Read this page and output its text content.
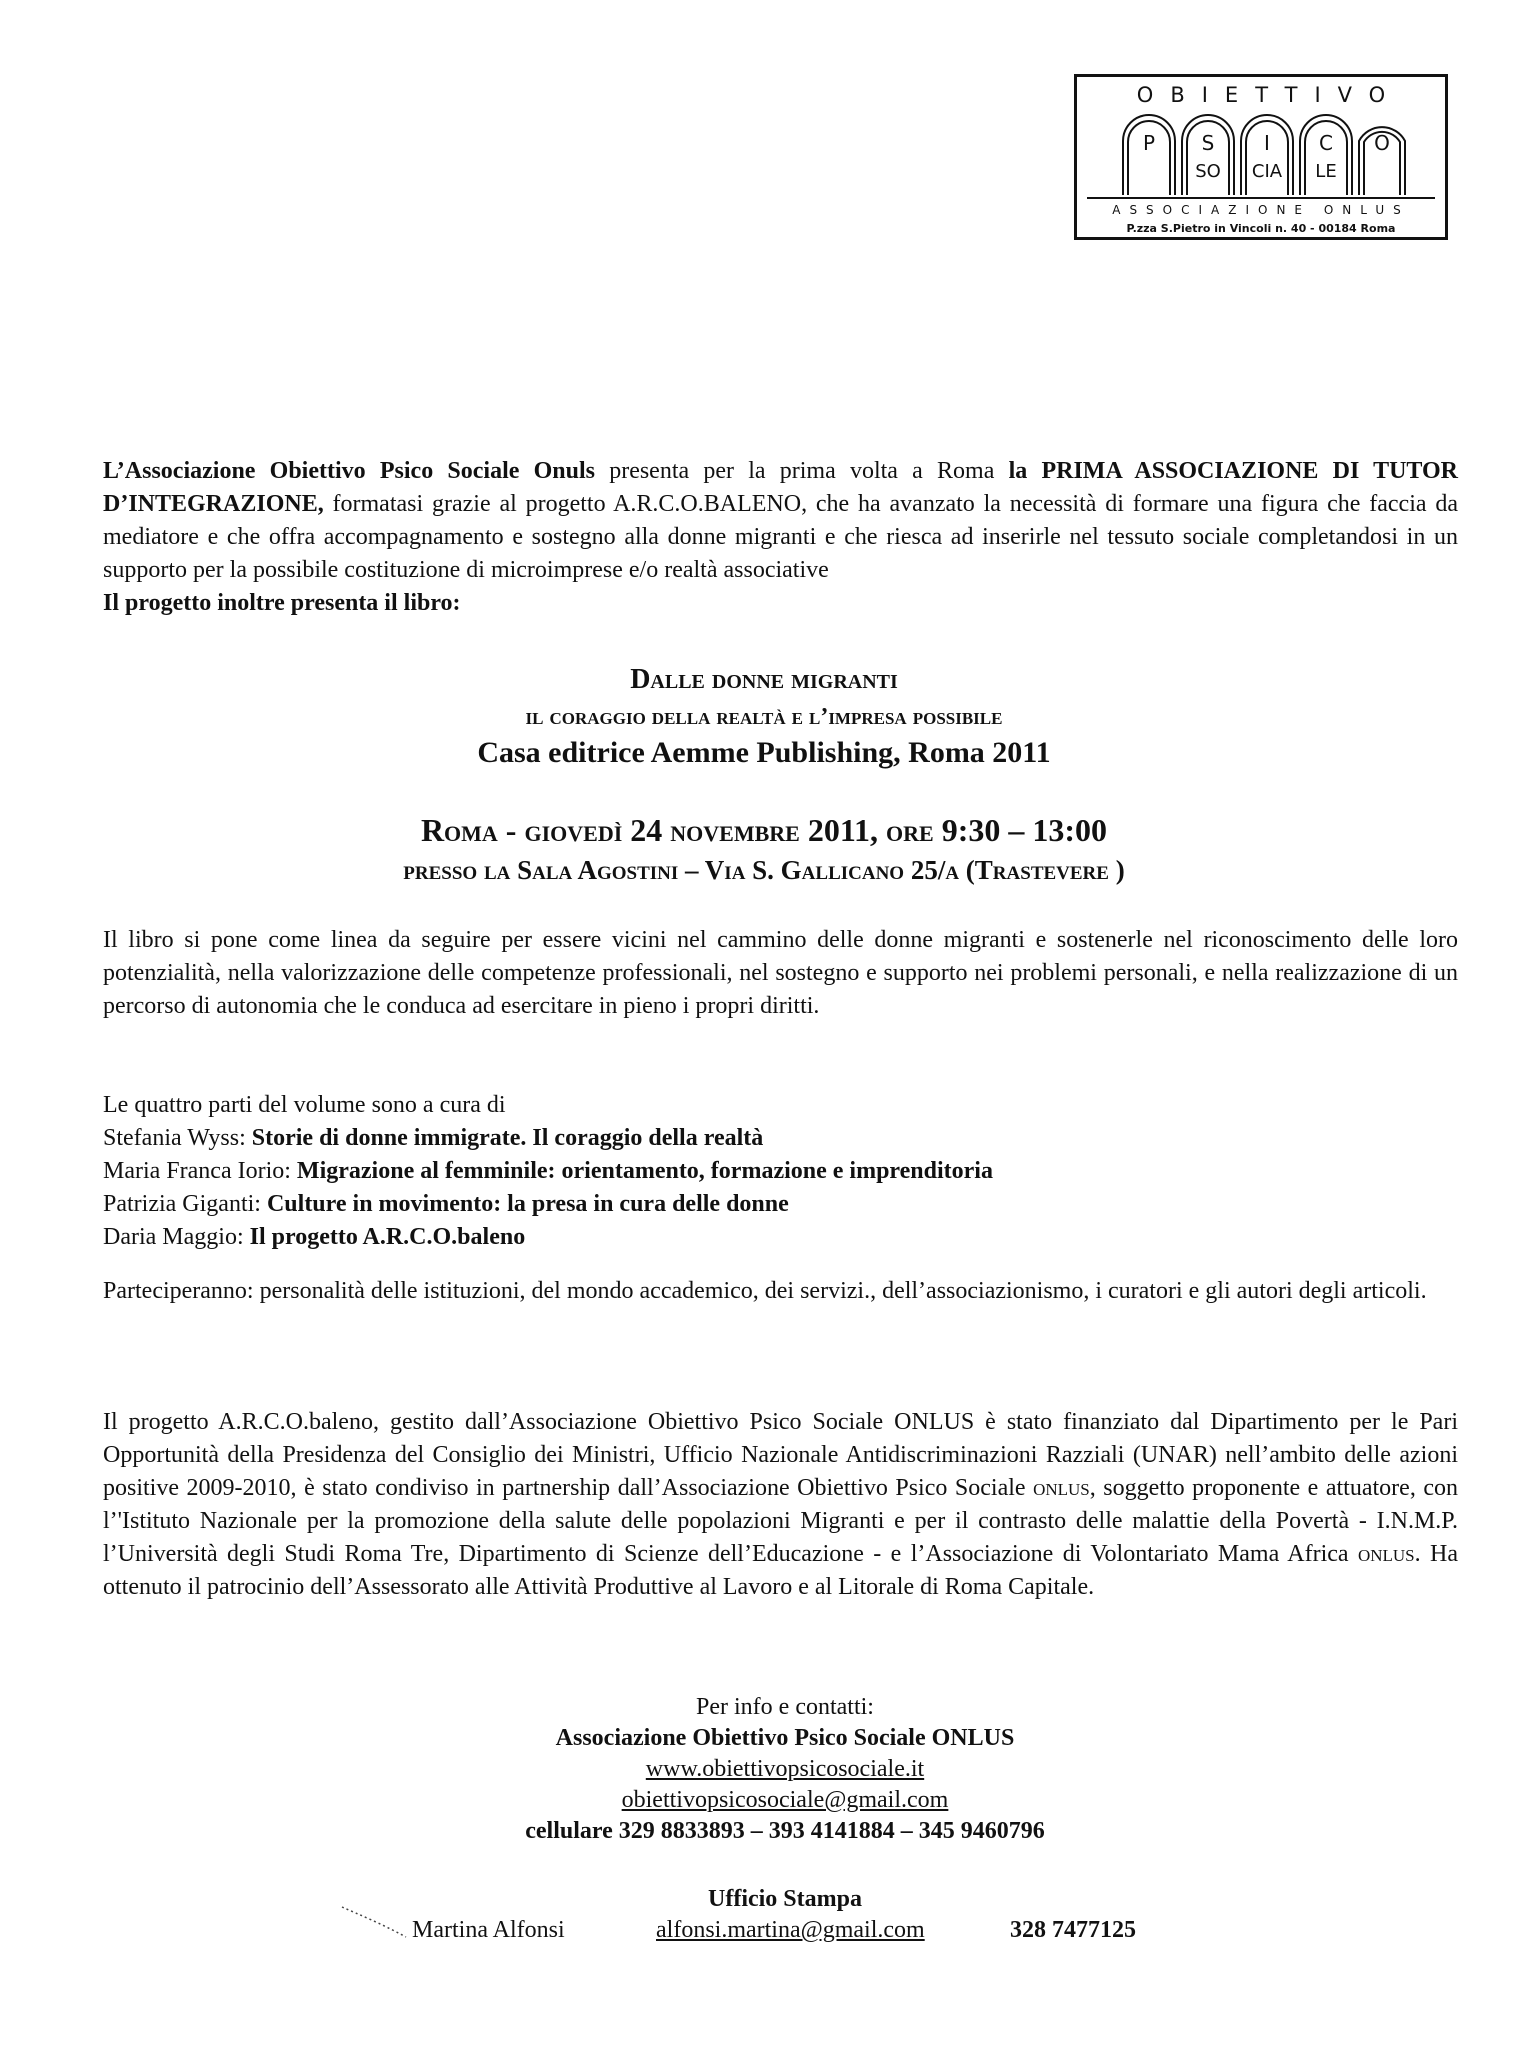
OBIETTIVO
P	S	I	C	O
SO	CIA	LE
ASSOCIAZIONE ONLUS
P.zza S.Pietro in Vincoli n. 40 - 00184 Roma

L’Associazione Obiettivo Psico Sociale Onuls presenta per la prima volta a Roma la PRIMA ASSOCIAZIONE DI TUTOR D’INTEGRAZIONE, formatasi grazie al progetto A.R.C.O.BALENO, che ha avanzato la necessità di formare una figura che faccia da mediatore e che offra accompagnamento e sostegno alla donne migranti e che riesca ad inserirle nel tessuto sociale completandosi in un supporto per la possibile costituzione di microimprese e/o realtà associative

Il progetto inoltre presenta il libro:

Dalle donne migranti
il coraggio della realtà e l’impresa possibile
Casa editrice Aemme Publishing, Roma 2011
Roma - giovedì 24 novembre 2011, ore 9:30 – 13:00
presso la Sala Agostini – Via S. Gallicano 25/a (Trastevere )

Il libro si pone come linea da seguire per essere vicini nel cammino delle donne migranti e sostenerle nel riconoscimento delle loro potenzialità, nella valorizzazione delle competenze professionali, nel sostegno e supporto nei problemi personali, e nella realizzazione di un percorso di autonomia che le conduca ad esercitare in pieno i propri diritti.

Le quattro parti del volume sono a cura di
Stefania Wyss: Storie di donne immigrate. Il coraggio della realtà
Maria Franca Iorio: Migrazione al femminile: orientamento, formazione e imprenditoria
Patrizia Giganti: Culture in movimento: la presa in cura delle donne
Daria Maggio: Il progetto A.R.C.O.baleno

Parteciperanno: personalità delle istituzioni, del mondo accademico, dei servizi., dell’associazionismo, i curatori e gli autori degli articoli.

Il progetto A.R.C.O.baleno, gestito dall’Associazione Obiettivo Psico Sociale ONLUS è stato finanziato dal Dipartimento per le Pari Opportunità della Presidenza del Consiglio dei Ministri, Ufficio Nazionale Antidiscriminazioni Razziali (UNAR) nell’ambito delle azioni positive 2009-2010, è stato condiviso in partnership dall’Associazione Obiettivo Psico Sociale onlus, soggetto proponente e attuatore, con l’'Istituto Nazionale per la promozione della salute delle popolazioni Migranti e per il contrasto delle malattie della Povertà - I.N.M.P. l’Università degli Studi Roma Tre, Dipartimento di Scienze dell’Educazione - e l’Associazione di Volontariato Mama Africa onlus. Ha ottenuto il patrocinio dell’Assessorato alle Attività Produttive al Lavoro e al Litorale di Roma Capitale.

Per info e contatti:
Associazione Obiettivo Psico Sociale ONLUS
www.obiettivopsicosociale.it
obiettivopsicosociale@gmail.com
cellulare 329 8833893 – 393 4141884 – 345 9460796
Ufficio Stampa
Martina Alfonsi	alfonsi.martina@gmail.com	328 7477125
